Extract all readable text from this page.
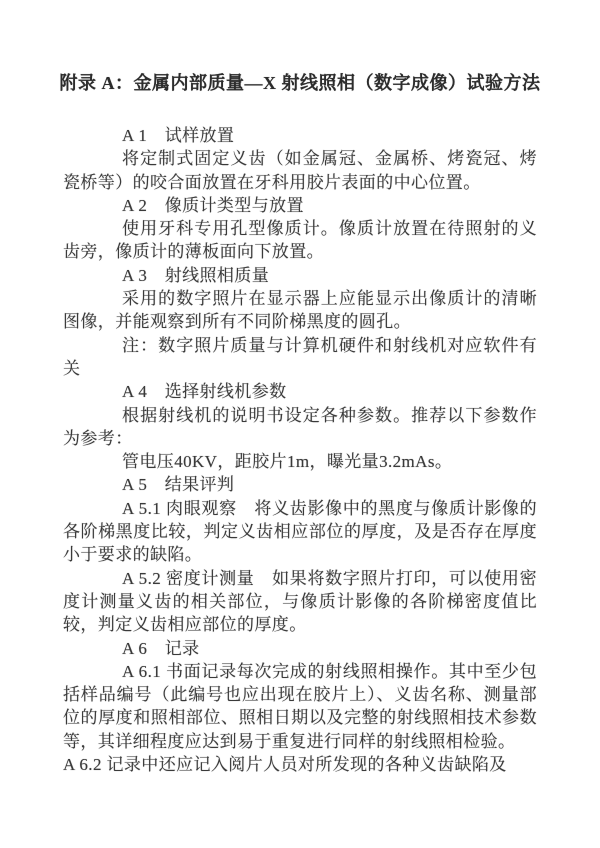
附录 A：金属内部质量—X 射线照相（数字成像）试验方法

A 1　试样放置

将定制式固定义齿（如金属冠、金属桥、烤瓷冠、烤瓷桥等）的咬合面放置在牙科用胶片表面的中心位置。

A 2　像质计类型与放置

使用牙科专用孔型像质计。像质计放置在待照射的义齿旁，像质计的薄板面向下放置。

A 3　射线照相质量

采用的数字照片在显示器上应能显示出像质计的清晰图像，并能观察到所有不同阶梯黑度的圆孔。

注：数字照片质量与计算机硬件和射线机对应软件有关

A 4　选择射线机参数

根据射线机的说明书设定各种参数。推荐以下参数作为参考：

管电压40KV，距胶片1m，曝光量3.2mAs。

A 5　结果评判

A 5.1 肉眼观察　将义齿影像中的黑度与像质计影像的各阶梯黑度比较，判定义齿相应部位的厚度，及是否存在厚度小于要求的缺陷。

A 5.2 密度计测量　如果将数字照片打印，可以使用密度计测量义齿的相关部位，与像质计影像的各阶梯密度值比较，判定义齿相应部位的厚度。

A 6　记录

A 6.1 书面记录每次完成的射线照相操作。其中至少包括样品编号（此编号也应出现在胶片上）、义齿名称、测量部位的厚度和照相部位、照相日期以及完整的射线照相技术参数等，其详细程度应达到易于重复进行同样的射线照相检验。

A 6.2 记录中还应记入阅片人员对所发现的各种义齿缺陷及
